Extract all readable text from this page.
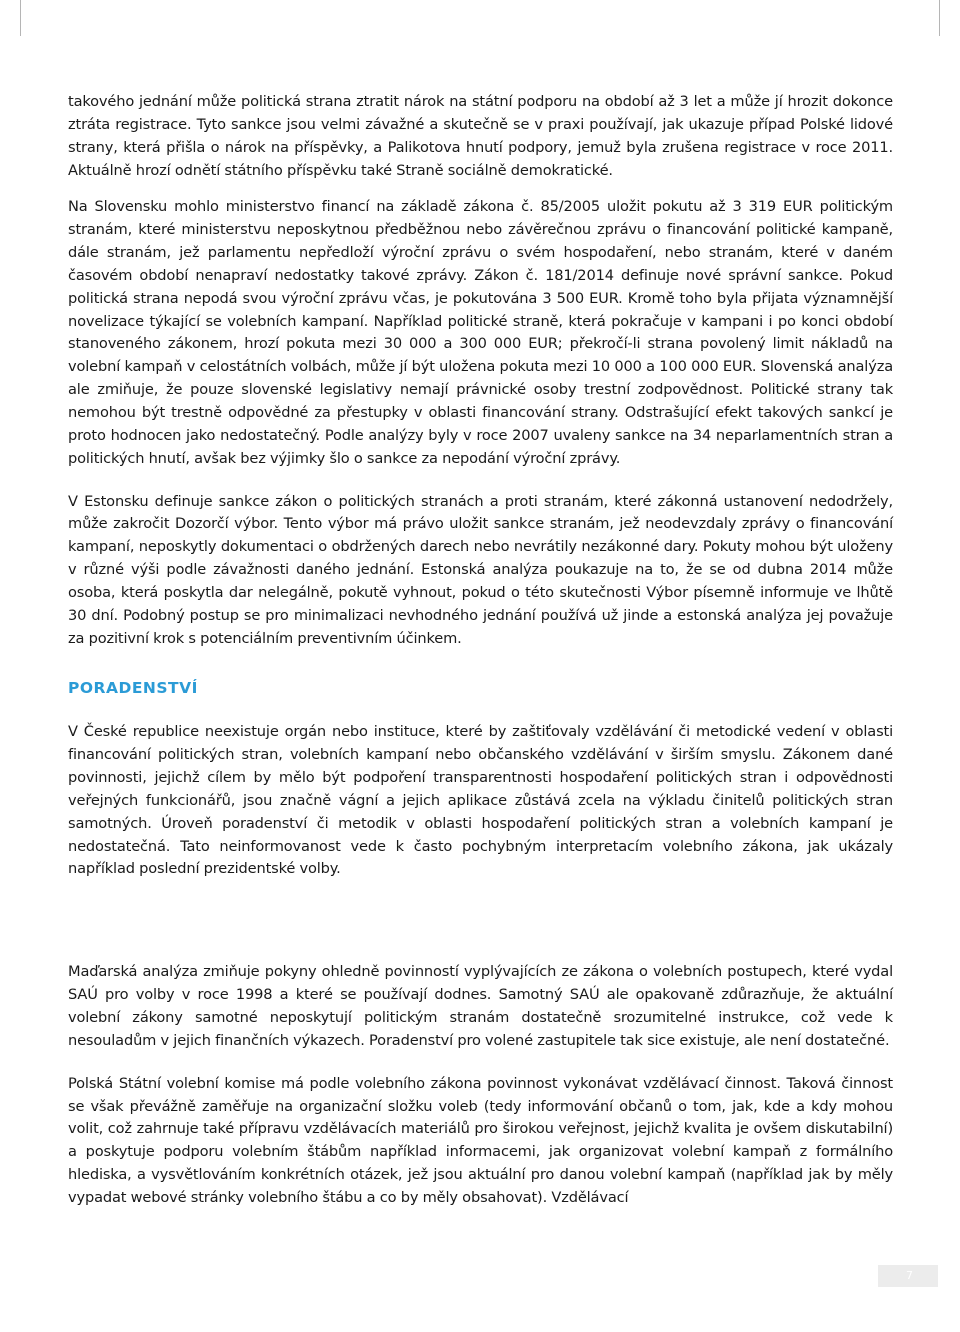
takového jednání může politická strana ztratit nárok na státní podporu na období až 3 let a může jí hrozit dokonce ztráta registrace. Tyto sankce jsou velmi závažné a skutečně se v praxi používají, jak ukazuje případ Polské lidové strany, která přišla o nárok na příspěvky, a Palikotova hnutí podpory, jemuž byla zrušena registrace v roce 2011. Aktuálně hrozí odnětí státního příspěvku také Straně sociálně demokratické.

Na Slovensku mohlo ministerstvo financí na základě zákona č. 85/2005 uložit pokutu až 3 319 EUR politickým stranám, které ministerstvu neposkytnou předběžnou nebo závěrečnou zprávu o financování politické kampaně, dále stranám, jež parlamentu nepředloží výroční zprávu o svém hospodaření, nebo stranám, které v daném časovém období nenapraví nedostatky takové zprávy. Zákon č. 181/2014 definuje nové správní sankce. Pokud politická strana nepodá svou výroční zprávu včas, je pokutována 3 500 EUR. Kromě toho byla přijata významnější novelizace týkající se volebních kampaní. Například politické straně, která pokračuje v kampani i po konci období stanoveného zákonem, hrozí pokuta mezi 30 000 a 300 000 EUR; překročí-li strana povolený limit nákladů na volební kampaň v celostátních volbách, může jí být uložena pokuta mezi 10 000 a 100 000 EUR. Slovenská analýza ale zmiňuje, že pouze slovenské legislativy nemají právnické osoby trestní zodpovědnost. Politické strany tak nemohou být trestně odpovědné za přestupky v oblasti financování strany. Odstrašující efekt takových sankcí je proto hodnocen jako nedostatečný. Podle analýzy byly v roce 2007 uvaleny sankce na 34 neparlamentních stran a politických hnutí, avšak bez výjimky šlo o sankce za nepodání výroční zprávy.

V Estonsku definuje sankce zákon o politických stranách a proti stranám, které zákonná ustanovení nedodržely, může zakročit Dozorčí výbor. Tento výbor má právo uložit sankce stranám, jež neodevzdaly zprávy o financování kampaní, neposkytly dokumentaci o obdržených darech nebo nevrátily nezákonné dary. Pokuty mohou být uloženy v různé výši podle závažnosti daného jednání. Estonská analýza poukazuje na to, že se od dubna 2014 může osoba, která poskytla dar nelegálně, pokutě vyhnout, pokud o této skutečnosti Výbor písemně informuje ve lhůtě 30 dní. Podobný postup se pro minimalizaci nevhodného jednání používá už jinde a estonská analýza jej považuje za pozitivní krok s potenciálním preventivním účinkem.

PORADENSTVÍ

V České republice neexistuje orgán nebo instituce, které by zaštiťovaly vzdělávání či metodické vedení v oblasti financování politických stran, volebních kampaní nebo občanského vzdělávání v širším smyslu. Zákonem dané povinnosti, jejichž cílem by mělo být podpoření transparentnosti hospodaření politických stran i odpovědnosti veřejných funkcionářů, jsou značně vágní a jejich aplikace zůstává zcela na výkladu činitelů politických stran samotných. Úroveň poradenství či metodik v oblasti hospodaření politických stran a volebních kampaní je nedostatečná. Tato neinformovanost vede k často pochybným interpretacím volebního zákona, jak ukázaly například poslední prezidentské volby.

Maďarská analýza zmiňuje pokyny ohledně povinností vyplývajících ze zákona o volebních postupech, které vydal SAÚ pro volby v roce 1998 a které se používají dodnes. Samotný SAÚ ale opakovaně zdůrazňuje, že aktuální volební zákony samotné neposkytují politickým stranám dostatečně srozumitelné instrukce, což vede k nesouladům v jejich finančních výkazech. Poradenství pro volené zastupitele tak sice existuje, ale není dostatečné.

Polská Státní volební komise má podle volebního zákona povinnost vykonávat vzdělávací činnost. Taková činnost se však převážně zaměřuje na organizační složku voleb (tedy informování občanů o tom, jak, kde a kdy mohou volit, což zahrnuje také přípravu vzdělávacích materiálů pro širokou veřejnost, jejichž kvalita je ovšem diskutabilní) a poskytuje podporu volebním štábům například informacemi, jak organizovat volební kampaň z formálního hlediska, a vysvětlováním konkrétních otázek, jež jsou aktuální pro danou volební kampaň (například jak by měly vypadat webové stránky volebního štábu a co by měly obsahovat). Vzdělávací

7
